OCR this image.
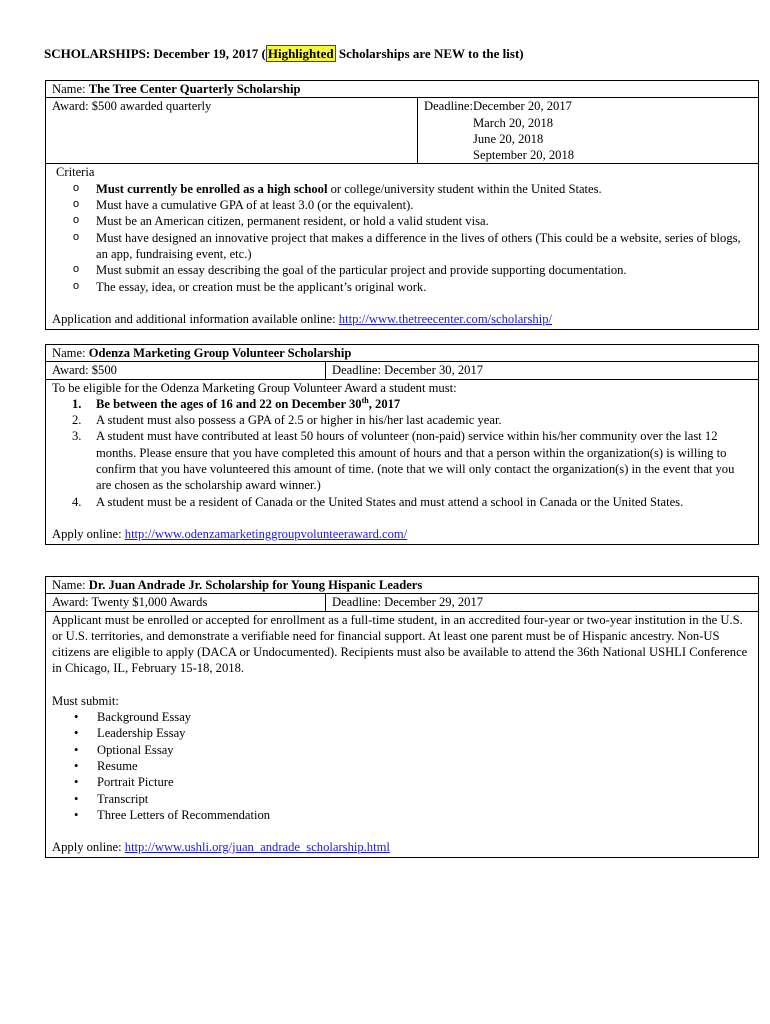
SCHOLARSHIPS: December 19, 2017 ( Highlighted Scholarships are NEW to the list)
Name: The Tree Center Quarterly Scholarship
Award: $500 awarded quarterly	Deadline: December 20, 2017
March 20, 2018
June 20, 2018
September 20, 2018
Criteria
o Must currently be enrolled as a high school or college/university student within the United States.
o Must have a cumulative GPA of at least 3.0 (or the equivalent).
o Must be an American citizen, permanent resident, or hold a valid student visa.
o Must have designed an innovative project that makes a difference in the lives of others (This could be a website, series of blogs, an app, fundraising event, etc.)
o Must submit an essay describing the goal of the particular project and provide supporting documentation.
o The essay, idea, or creation must be the applicant’s original work.
Application and additional information available online: http://www.thetreecenter.com/scholarship/
Name: Odenza Marketing Group Volunteer Scholarship
Award: $500	Deadline: December 30, 2017
To be eligible for the Odenza Marketing Group Volunteer Award a student must:
1. Be between the ages of 16 and 22 on December 30th, 2017
2. A student must also possess a GPA of 2.5 or higher in his/her last academic year.
3. A student must have contributed at least 50 hours of volunteer (non-paid) service within his/her community over the last 12 months. Please ensure that you have completed this amount of hours and that a person within the organization(s) is willing to confirm that you have volunteered this amount of time. (note that we will only contact the organization(s) in the event that you are chosen as the scholarship award winner.)
4. A student must be a resident of Canada or the United States and must attend a school in Canada or the United States.
Apply online: http://www.odenzamarketinggroupvolunteeraward.com/
Name: Dr. Juan Andrade Jr. Scholarship for Young Hispanic Leaders
Award: Twenty $1,000 Awards	Deadline: December 29, 2017
Applicant must be enrolled or accepted for enrollment as a full-time student, in an accredited four-year or two-year institution in the U.S. or U.S. territories, and demonstrate a verifiable need for financial support. At least one parent must be of Hispanic ancestry. Non-US citizens are eligible to apply (DACA or Undocumented). Recipients must also be available to attend the 36th National USHLI Conference in Chicago, IL, February 15-18, 2018.
Must submit:
• Background Essay
• Leadership Essay
• Optional Essay
• Resume
• Portrait Picture
• Transcript
• Three Letters of Recommendation
Apply online: http://www.ushli.org/juan_andrade_scholarship.html
